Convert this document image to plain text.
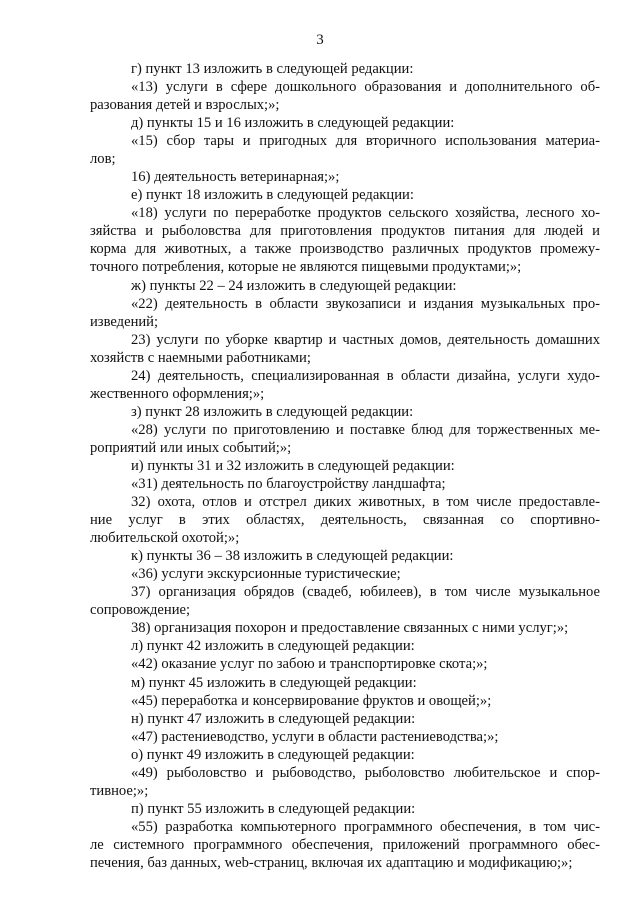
3
г) пункт 13 изложить в следующей редакции:
«13) услуги в сфере дошкольного образования и дополнительного об-
разования детей и взрослых;»;
д) пункты 15 и 16 изложить в следующей редакции:
«15) сбор тары и пригодных для вторичного использования материа-
лов;
16) деятельность ветеринарная;»;
е) пункт 18 изложить в следующей редакции:
«18) услуги по переработке продуктов сельского хозяйства, лесного хо-
зяйства и рыболовства для приготовления продуктов питания для людей и
корма для животных, а также производство различных продуктов промежу-
точного потребления, которые не являются пищевыми продуктами;»;
ж) пункты 22 – 24 изложить в следующей редакции:
«22) деятельность в области звукозаписи и издания музыкальных про-
изведений;
23) услуги по уборке квартир и частных домов, деятельность домашних
хозяйств с наемными работниками;
24) деятельность, специализированная в области дизайна, услуги худо-
жественного оформления;»;
з) пункт 28 изложить в следующей редакции:
«28) услуги по приготовлению и поставке блюд для торжественных ме-
роприятий или иных событий;»;
и) пункты 31 и 32 изложить в следующей редакции:
«31) деятельность по благоустройству ландшафта;
32) охота, отлов и отстрел диких животных, в том числе предоставле-
ние услуг в этих областях, деятельность, связанная со спортивно-
любительской охотой;»;
к) пункты 36 – 38 изложить в следующей редакции:
«36) услуги экскурсионные туристические;
37) организация обрядов (свадеб, юбилеев), в том числе музыкальное
сопровождение;
38) организация похорон и предоставление связанных с ними услуг;»;
л) пункт 42 изложить в следующей редакции:
«42) оказание услуг по забою и транспортировке скота;»;
м) пункт 45 изложить в следующей редакции:
«45) переработка и консервирование фруктов и овощей;»;
н) пункт 47 изложить в следующей редакции:
«47) растениеводство, услуги в области растениеводства;»;
о) пункт 49 изложить в следующей редакции:
«49) рыболовство и рыбоводство, рыболовство любительское и спор-
тивное;»;
п) пункт 55 изложить в следующей редакции:
«55) разработка компьютерного программного обеспечения, в том чис-
ле системного программного обеспечения, приложений программного обес-
печения, баз данных, web-страниц, включая их адаптацию и модификацию;»;
